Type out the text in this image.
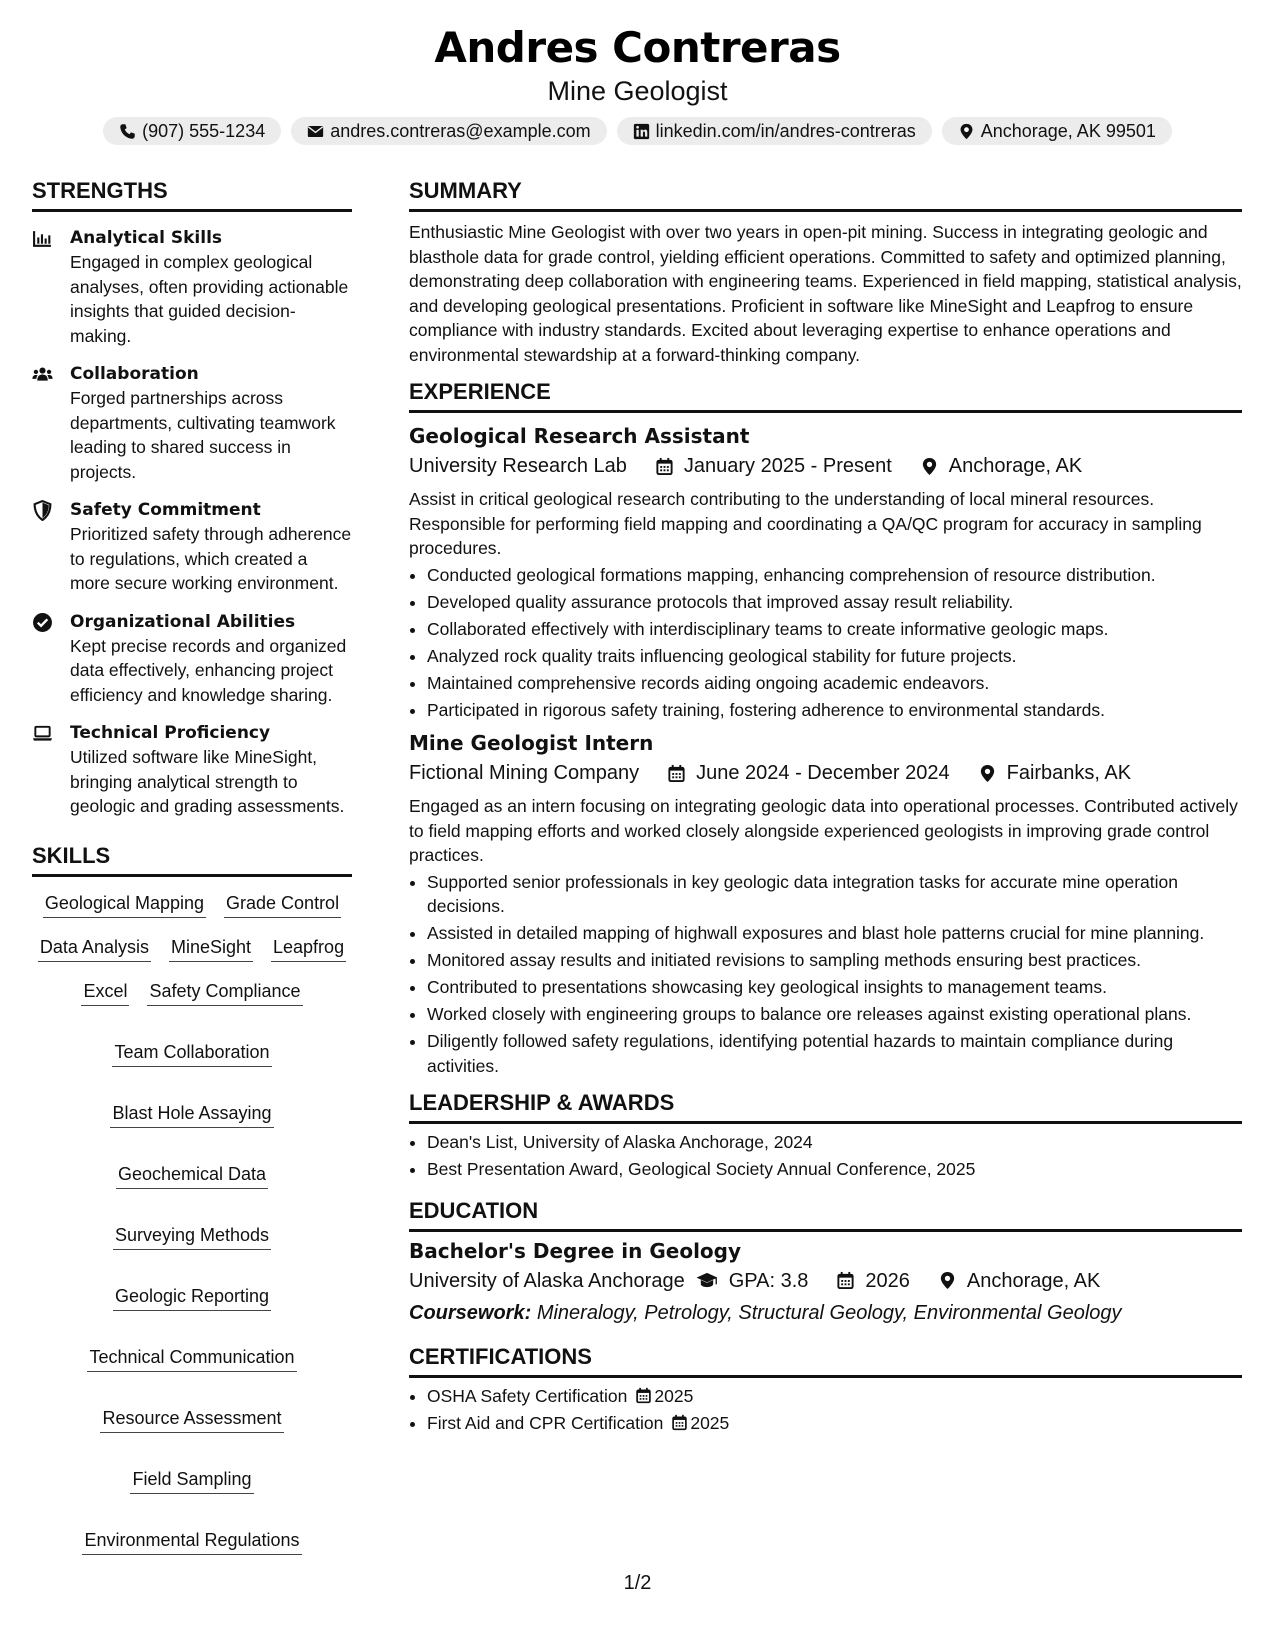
Andres Contreras
Mine Geologist
(907) 555-1234	andres.contreras@example.com	linkedin.com/in/andres-contreras	Anchorage, AK 99501
STRENGTHS
Analytical Skills
Engaged in complex geological analyses, often providing actionable insights that guided decision-making.
Collaboration
Forged partnerships across departments, cultivating teamwork leading to shared success in projects.
Safety Commitment
Prioritized safety through adherence to regulations, which created a more secure working environment.
Organizational Abilities
Kept precise records and organized data effectively, enhancing project efficiency and knowledge sharing.
Technical Proficiency
Utilized software like MineSight, bringing analytical strength to geologic and grading assessments.
SKILLS
Geological Mapping Grade Control
Data Analysis MineSight Leapfrog
Excel Safety Compliance
Team Collaboration
Blast Hole Assaying
Geochemical Data
Surveying Methods
Geologic Reporting
Technical Communication
Resource Assessment
Field Sampling
Environmental Regulations
SUMMARY
Enthusiastic Mine Geologist with over two years in open-pit mining. Success in integrating geologic and blasthole data for grade control, yielding efficient operations. Committed to safety and optimized planning, demonstrating deep collaboration with engineering teams. Experienced in field mapping, statistical analysis, and developing geological presentations. Proficient in software like MineSight and Leapfrog to ensure compliance with industry standards. Excited about leveraging expertise to enhance operations and environmental stewardship at a forward-thinking company.
EXPERIENCE
Geological Research Assistant
University Research Lab	January 2025 - Present	Anchorage, AK
Assist in critical geological research contributing to the understanding of local mineral resources. Responsible for performing field mapping and coordinating a QA/QC program for accuracy in sampling procedures.
• Conducted geological formations mapping, enhancing comprehension of resource distribution.
• Developed quality assurance protocols that improved assay result reliability.
• Collaborated effectively with interdisciplinary teams to create informative geologic maps.
• Analyzed rock quality traits influencing geological stability for future projects.
• Maintained comprehensive records aiding ongoing academic endeavors.
• Participated in rigorous safety training, fostering adherence to environmental standards.
Mine Geologist Intern
Fictional Mining Company	June 2024 - December 2024	Fairbanks, AK
Engaged as an intern focusing on integrating geologic data into operational processes. Contributed actively to field mapping efforts and worked closely alongside experienced geologists in improving grade control practices.
• Supported senior professionals in key geologic data integration tasks for accurate mine operation decisions.
• Assisted in detailed mapping of highwall exposures and blast hole patterns crucial for mine planning.
• Monitored assay results and initiated revisions to sampling methods ensuring best practices.
• Contributed to presentations showcasing key geological insights to management teams.
• Worked closely with engineering groups to balance ore releases against existing operational plans.
• Diligently followed safety regulations, identifying potential hazards to maintain compliance during activities.
LEADERSHIP & AWARDS
• Dean's List, University of Alaska Anchorage, 2024
• Best Presentation Award, Geological Society Annual Conference, 2025
EDUCATION
Bachelor's Degree in Geology
University of Alaska Anchorage GPA: 3.8	2026	Anchorage, AK
Coursework: Mineralogy, Petrology, Structural Geology, Environmental Geology
CERTIFICATIONS
• OSHA Safety Certification 2025
• First Aid and CPR Certification 2025
1/2
